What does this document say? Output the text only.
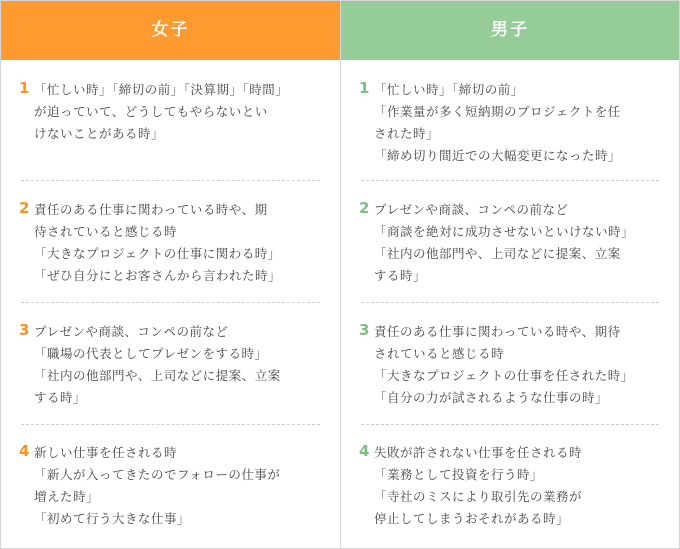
女子
1 「忙しい時」「締切の前」「決算期」「時間」
が迫っていて、どうしてもやらないとい
けないことがある時」
2 責任のある仕事に関わっている時や、期
待されていると感じる時
「大きなプロジェクトの仕事に関わる時」
「ぜひ自分にとお客さんから言われた時」
3 プレゼンや商談、コンペの前など
「職場の代表としてプレゼンをする時」
「社内の他部門や、上司などに提案、立案
する時」
4 新しい仕事を任される時
「新人が入ってきたのでフォローの仕事が
増えた時」
「初めて行う大きな仕事」
男子
1 「忙しい時」「締切の前」
「作業量が多く短納期のプロジェクトを任
された時」
「締め切り間近での大幅変更になった時」
2 プレゼンや商談、コンペの前など
「商談を絶対に成功させないといけない時」
「社内の他部門や、上司などに提案、立案
する時」
3 責任のある仕事に関わっている時や、期待
されていると感じる時
「大きなプロジェクトの仕事を任された時」
「自分の力が試されるような仕事の時」
4 失敗が許されない仕事を任される時
「業務として投資を行う時」
「寺社のミスにより取引先の業務が
停止してしまうおそれがある時」
